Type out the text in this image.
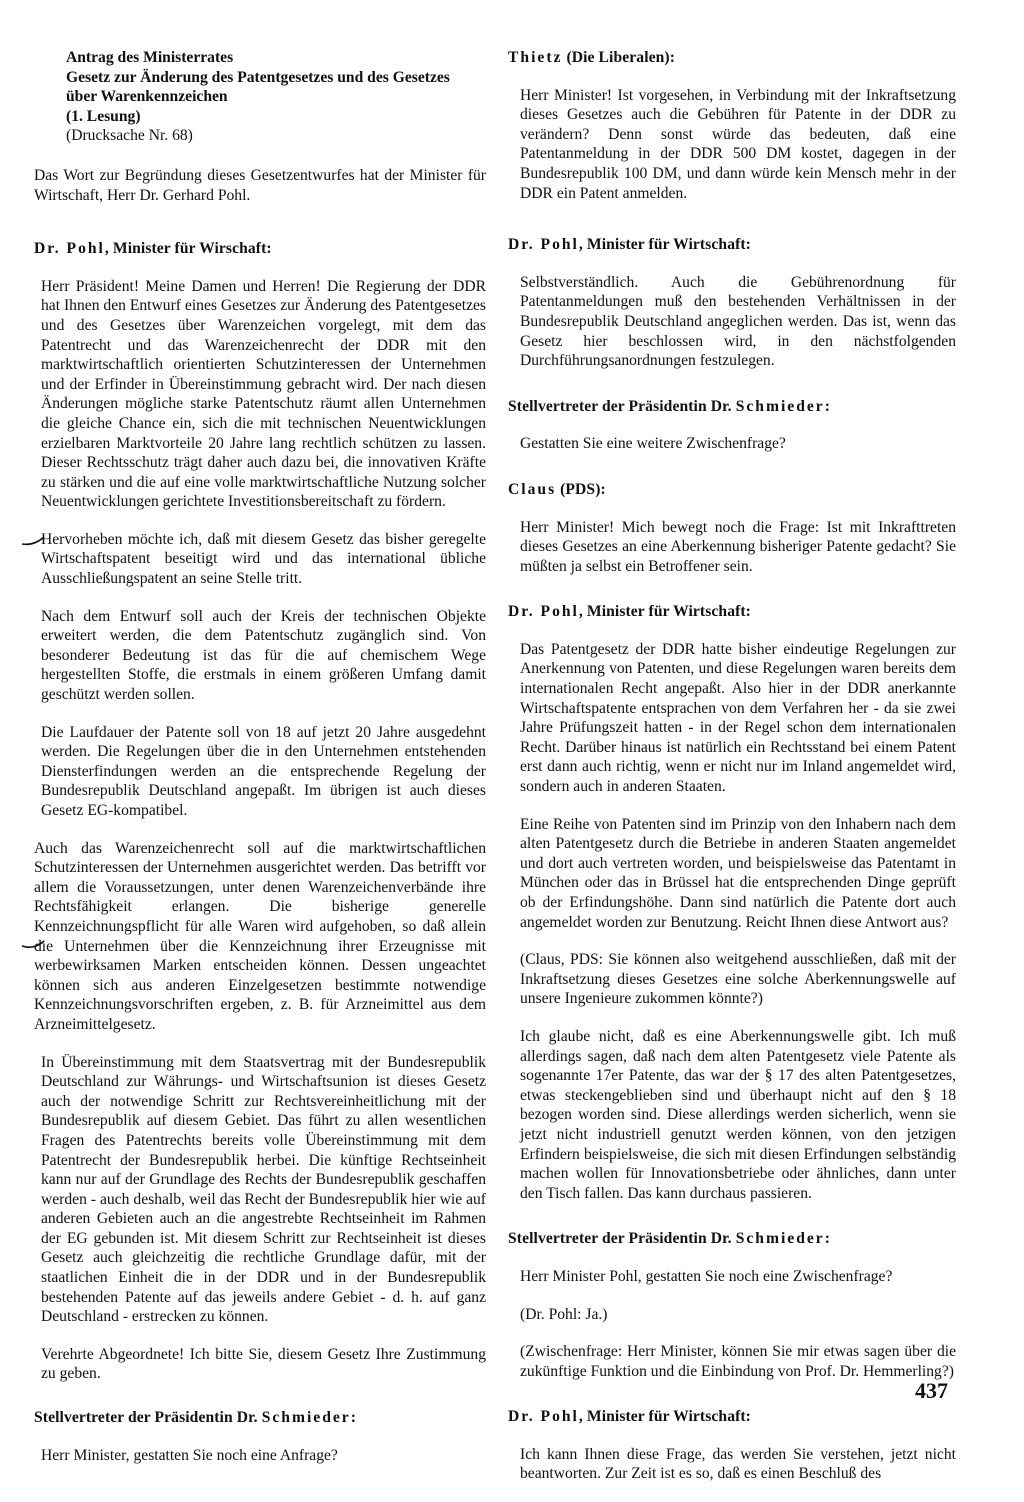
Antrag des Ministerrates
Gesetz zur Änderung des Patentgesetzes und des Gesetzes
über Warenkennzeichen
(1. Lesung)
(Drucksache Nr. 68)

Das Wort zur Begründung dieses Gesetzentwurfes hat der Minister für Wirtschaft, Herr Dr. Gerhard Pohl.

Dr. Pohl, Minister für Wirschaft:

Herr Präsident! Meine Damen und Herren! Die Regierung der DDR hat Ihnen den Entwurf eines Gesetzes zur Änderung des Patentgesetzes und des Gesetzes über Warenzeichen vorgelegt, mit dem das Patentrecht und das Warenzeichenrecht der DDR mit den marktwirtschaftlich orientierten Schutzinteressen der Unternehmen und der Erfinder in Übereinstimmung gebracht wird. Der nach diesen Änderungen mögliche starke Patentschutz räumt allen Unternehmen die gleiche Chance ein, sich die mit technischen Neuentwicklungen erzielbaren Marktvorteile 20 Jahre lang rechtlich schützen zu lassen. Dieser Rechtsschutz trägt daher auch dazu bei, die innovativen Kräfte zu stärken und die auf eine volle marktwirtschaftliche Nutzung solcher Neuentwicklungen gerichtete Investitionsbereitschaft zu fördern.

Hervorheben möchte ich, daß mit diesem Gesetz das bisher geregelte Wirtschaftspatent beseitigt wird und das international übliche Ausschließungspatent an seine Stelle tritt.

Nach dem Entwurf soll auch der Kreis der technischen Objekte erweitert werden, die dem Patentschutz zugänglich sind. Von besonderer Bedeutung ist das für die auf chemischem Wege hergestellten Stoffe, die erstmals in einem größeren Umfang damit geschützt werden sollen.

Die Laufdauer der Patente soll von 18 auf jetzt 20 Jahre ausgedehnt werden. Die Regelungen über die in den Unternehmen entstehenden Diensterfindungen werden an die entsprechende Regelung der Bundesrepublik Deutschland angepaßt. Im übrigen ist auch dieses Gesetz EG-kompatibel.

Auch das Warenzeichenrecht soll auf die marktwirtschaftlichen Schutzinteressen der Unternehmen ausgerichtet werden. Das betrifft vor allem die Voraussetzungen, unter denen Warenzeichenverbände ihre Rechtsfähigkeit erlangen. Die bisherige generelle Kennzeichnungspflicht für alle Waren wird aufgehoben, so daß allein die Unternehmen über die Kennzeichnung ihrer Erzeugnisse mit werbewirksamen Marken entscheiden können. Dessen ungeachtet können sich aus anderen Einzelgesetzen bestimmte notwendige Kennzeichnungsvorschriften ergeben, z. B. für Arzneimittel aus dem Arzneimittelgesetz.

In Übereinstimmung mit dem Staatsvertrag mit der Bundesrepublik Deutschland zur Währungs- und Wirtschaftsunion ist dieses Gesetz auch der notwendige Schritt zur Rechtsvereinheitlichung mit der Bundesrepublik auf diesem Gebiet. Das führt zu allen wesentlichen Fragen des Patentrechts bereits volle Übereinstimmung mit dem Patentrecht der Bundesrepublik herbei. Die künftige Rechtseinheit kann nur auf der Grundlage des Rechts der Bundesrepublik geschaffen werden - auch deshalb, weil das Recht der Bundesrepublik hier wie auf anderen Gebieten auch an die angestrebte Rechtseinheit im Rahmen der EG gebunden ist. Mit diesem Schritt zur Rechtseinheit ist dieses Gesetz auch gleichzeitig die rechtliche Grundlage dafür, mit der staatlichen Einheit die in der DDR und in der Bundesrepublik bestehenden Patente auf das jeweils andere Gebiet - d. h. auf ganz Deutschland - erstrecken zu können.

Verehrte Abgeordnete! Ich bitte Sie, diesem Gesetz Ihre Zustimmung zu geben.

Stellvertreter der Präsidentin Dr. Schmieder:

Herr Minister, gestatten Sie noch eine Anfrage?

Thietz (Die Liberalen):

Herr Minister! Ist vorgesehen, in Verbindung mit der Inkraftsetzung dieses Gesetzes auch die Gebühren für Patente in der DDR zu verändern? Denn sonst würde das bedeuten, daß eine Patentanmeldung in der DDR 500 DM kostet, dagegen in der Bundesrepublik 100 DM, und dann würde kein Mensch mehr in der DDR ein Patent anmelden.

Dr. Pohl, Minister für Wirtschaft:

Selbstverständlich. Auch die Gebührenordnung für Patentanmeldungen muß den bestehenden Verhältnissen in der Bundesrepublik Deutschland angeglichen werden. Das ist, wenn das Gesetz hier beschlossen wird, in den nächstfolgenden Durchführungsanordnungen festzulegen.

Stellvertreter der Präsidentin Dr. Schmieder:

Gestatten Sie eine weitere Zwischenfrage?

Claus (PDS):

Herr Minister! Mich bewegt noch die Frage: Ist mit Inkrafttreten dieses Gesetzes an eine Aberkennung bisheriger Patente gedacht? Sie müßten ja selbst ein Betroffener sein.

Dr. Pohl, Minister für Wirtschaft:

Das Patentgesetz der DDR hatte bisher eindeutige Regelungen zur Anerkennung von Patenten, und diese Regelungen waren bereits dem internationalen Recht angepaßt. Also hier in der DDR anerkannte Wirtschaftspatente entsprachen von dem Verfahren her - da sie zwei Jahre Prüfungszeit hatten - in der Regel schon dem internationalen Recht. Darüber hinaus ist natürlich ein Rechtsstand bei einem Patent erst dann auch richtig, wenn er nicht nur im Inland angemeldet wird, sondern auch in anderen Staaten.

Eine Reihe von Patenten sind im Prinzip von den Inhabern nach dem alten Patentgesetz durch die Betriebe in anderen Staaten angemeldet und dort auch vertreten worden, und beispielsweise das Patentamt in München oder das in Brüssel hat die entsprechenden Dinge geprüft ob der Erfindungshöhe. Dann sind natürlich die Patente dort auch angemeldet worden zur Benutzung. Reicht Ihnen diese Antwort aus?

(Claus, PDS: Sie können also weitgehend ausschließen, daß mit der Inkraftsetzung dieses Gesetzes eine solche Aberkennungswelle auf unsere Ingenieure zukommen könnte?)

Ich glaube nicht, daß es eine Aberkennungswelle gibt. Ich muß allerdings sagen, daß nach dem alten Patentgesetz viele Patente als sogenannte 17er Patente, das war der § 17 des alten Patentgesetzes, etwas steckengeblieben sind und überhaupt nicht auf den § 18 bezogen worden sind. Diese allerdings werden sicherlich, wenn sie jetzt nicht industriell genutzt werden können, von den jetzigen Erfindern beispielsweise, die sich mit diesen Erfindungen selbständig machen wollen für Innovationsbetriebe oder ähnliches, dann unter den Tisch fallen. Das kann durchaus passieren.

Stellvertreter der Präsidentin Dr. Schmieder:

Herr Minister Pohl, gestatten Sie noch eine Zwischenfrage?

(Dr. Pohl: Ja.)

(Zwischenfrage: Herr Minister, können Sie mir etwas sagen über die zukünftige Funktion und die Einbindung von Prof. Dr. Hemmerling?)

Dr. Pohl, Minister für Wirtschaft:

Ich kann Ihnen diese Frage, das werden Sie verstehen, jetzt nicht beantworten. Zur Zeit ist es so, daß es einen Beschluß des

437
